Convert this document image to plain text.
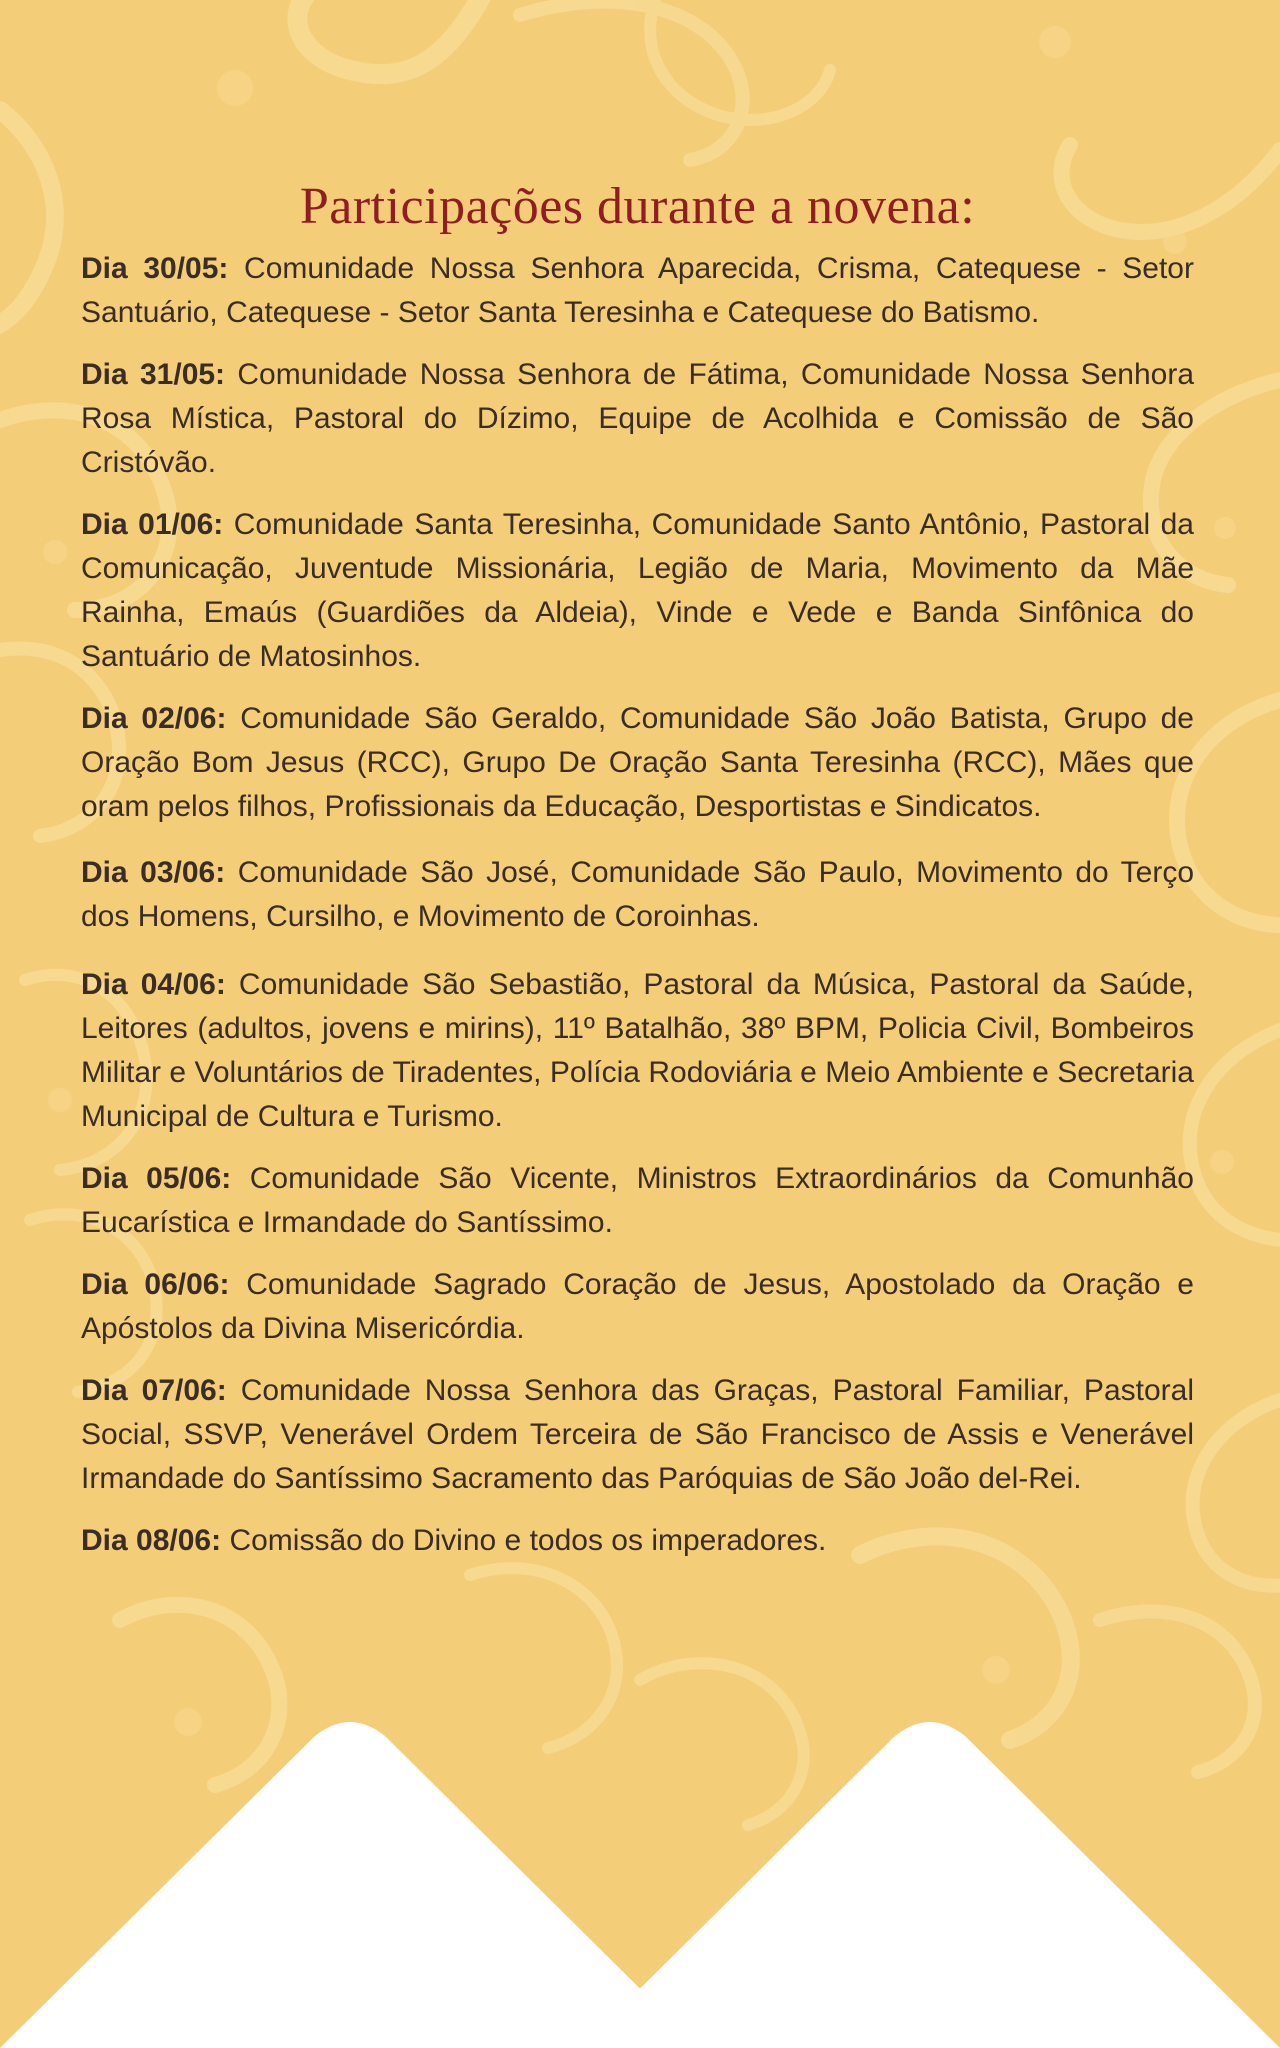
Participações durante a novena:

Dia 30/05: Comunidade Nossa Senhora Aparecida, Crisma, Catequese - Setor Santuário, Catequese - Setor Santa Teresinha e Catequese do Batismo.

Dia 31/05: Comunidade Nossa Senhora de Fátima, Comunidade Nossa Senhora Rosa Mística, Pastoral do Dízimo, Equipe de Acolhida e Comissão de São Cristóvão.

Dia 01/06: Comunidade Santa Teresinha, Comunidade Santo Antônio, Pastoral da Comunicação, Juventude Missionária, Legião de Maria, Movimento da Mãe Rainha, Emaús (Guardiões da Aldeia), Vinde e Vede e Banda Sinfônica do Santuário de Matosinhos.

Dia 02/06: Comunidade São Geraldo, Comunidade São João Batista, Grupo de Oração Bom Jesus (RCC), Grupo De Oração Santa Teresinha (RCC), Mães que oram pelos filhos, Profissionais da Educação, Desportistas e Sindicatos.

Dia 03/06: Comunidade São José, Comunidade São Paulo, Movimento do Terço dos Homens, Cursilho, e Movimento de Coroinhas.

Dia 04/06: Comunidade São Sebastião, Pastoral da Música, Pastoral da Saúde, Leitores (adultos, jovens e mirins), 11º Batalhão, 38º BPM, Policia Civil, Bombeiros Militar e Voluntários de Tiradentes, Polícia Rodoviária e Meio Ambiente e Secretaria Municipal de Cultura e Turismo.

Dia 05/06: Comunidade São Vicente, Ministros Extraordinários da Comunhão Eucarística e Irmandade do Santíssimo.

Dia 06/06: Comunidade Sagrado Coração de Jesus, Apostolado da Oração e Apóstolos da Divina Misericórdia.

Dia 07/06: Comunidade Nossa Senhora das Graças, Pastoral Familiar, Pastoral Social, SSVP, Venerável Ordem Terceira de São Francisco de Assis e Venerável Irmandade do Santíssimo Sacramento das Paróquias de São João del-Rei.

Dia 08/06: Comissão do Divino e todos os imperadores.
